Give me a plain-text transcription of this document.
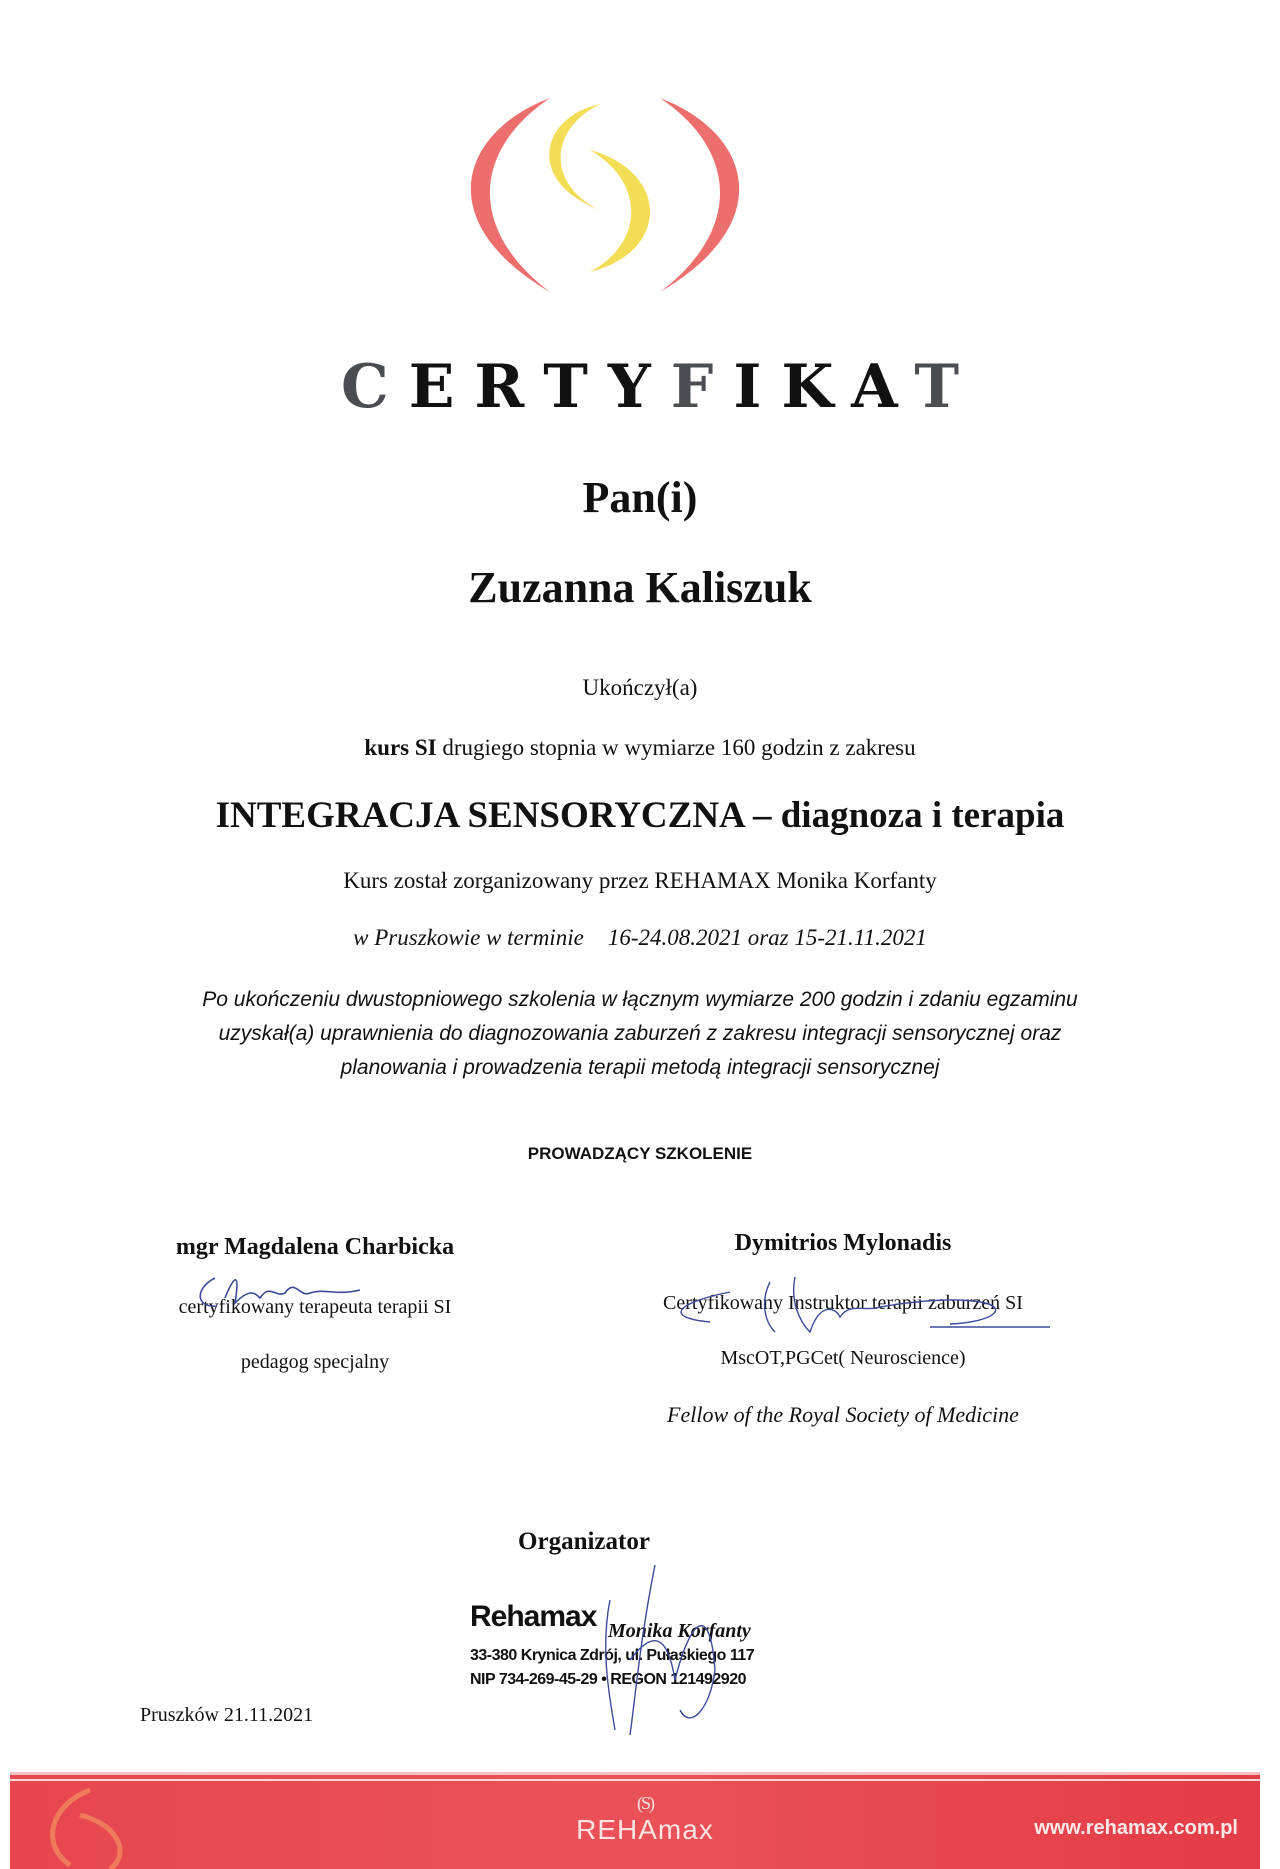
CERTYFIKAT
Pan(i)
Zuzanna Kaliszuk
Ukończył(a)
kurs SI drugiego stopnia w wymiarze 160 godzin z zakresu
INTEGRACJA SENSORYCZNA – diagnoza i terapia
Kurs został zorganizowany przez REHAMAX Monika Korfanty
w Pruszkowie w terminie 16-24.08.2021 oraz 15-21.11.2021
Po ukończeniu dwustopniowego szkolenia w łącznym wymiarze 200 godzin i zdaniu egzaminu
uzyskał(a) uprawnienia do diagnozowania zaburzeń z zakresu integracji sensorycznej oraz
planowania i prowadzenia terapii metodą integracji sensorycznej
PROWADZĄCY SZKOLENIE
mgr Magdalena Charbicka
certyfikowany terapeuta terapii SI
pedagog specjalny
Dymitrios Mylonadis
Certyfikowany Instruktor terapii zaburzeń SI
MscOT,PGCet( Neuroscience)
Fellow of the Royal Society of Medicine
Organizator
Rehamax Monika Korfanty
33-380 Krynica Zdrój, ul. Pułaskiego 117
NIP 734-269-45-29 • REGON 121492920
Pruszków 21.11.2021
(S)
REHAmax	www.rehamax.com.pl
